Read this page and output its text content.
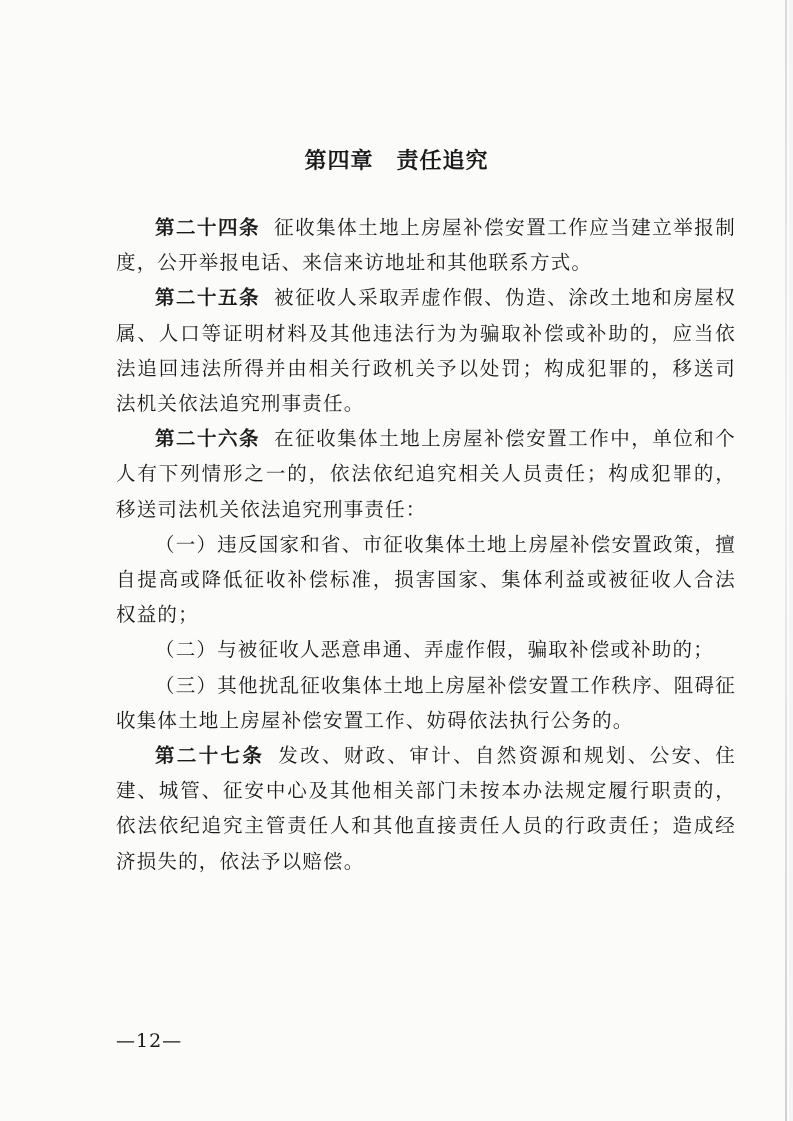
第四章　责任追究

第二十四条 征收集体土地上房屋补偿安置工作应当建立举报制度，公开举报电话、来信来访地址和其他联系方式。

第二十五条 被征收人采取弄虚作假、伪造、涂改土地和房屋权属、人口等证明材料及其他违法行为为骗取补偿或补助的，应当依法追回违法所得并由相关行政机关予以处罚；构成犯罪的，移送司法机关依法追究刑事责任。

第二十六条 在征收集体土地上房屋补偿安置工作中，单位和个人有下列情形之一的，依法依纪追究相关人员责任；构成犯罪的，移送司法机关依法追究刑事责任：

（一）违反国家和省、市征收集体土地上房屋补偿安置政策，擅自提高或降低征收补偿标准，损害国家、集体利益或被征收人合法权益的；

（二）与被征收人恶意串通、弄虚作假，骗取补偿或补助的；

（三）其他扰乱征收集体土地上房屋补偿安置工作秩序、阻碍征收集体土地上房屋补偿安置工作、妨碍依法执行公务的。

第二十七条 发改、财政、审计、自然资源和规划、公安、住建、城管、征安中心及其他相关部门未按本办法规定履行职责的，依法依纪追究主管责任人和其他直接责任人员的行政责任；造成经济损失的，依法予以赔偿。

—12—
